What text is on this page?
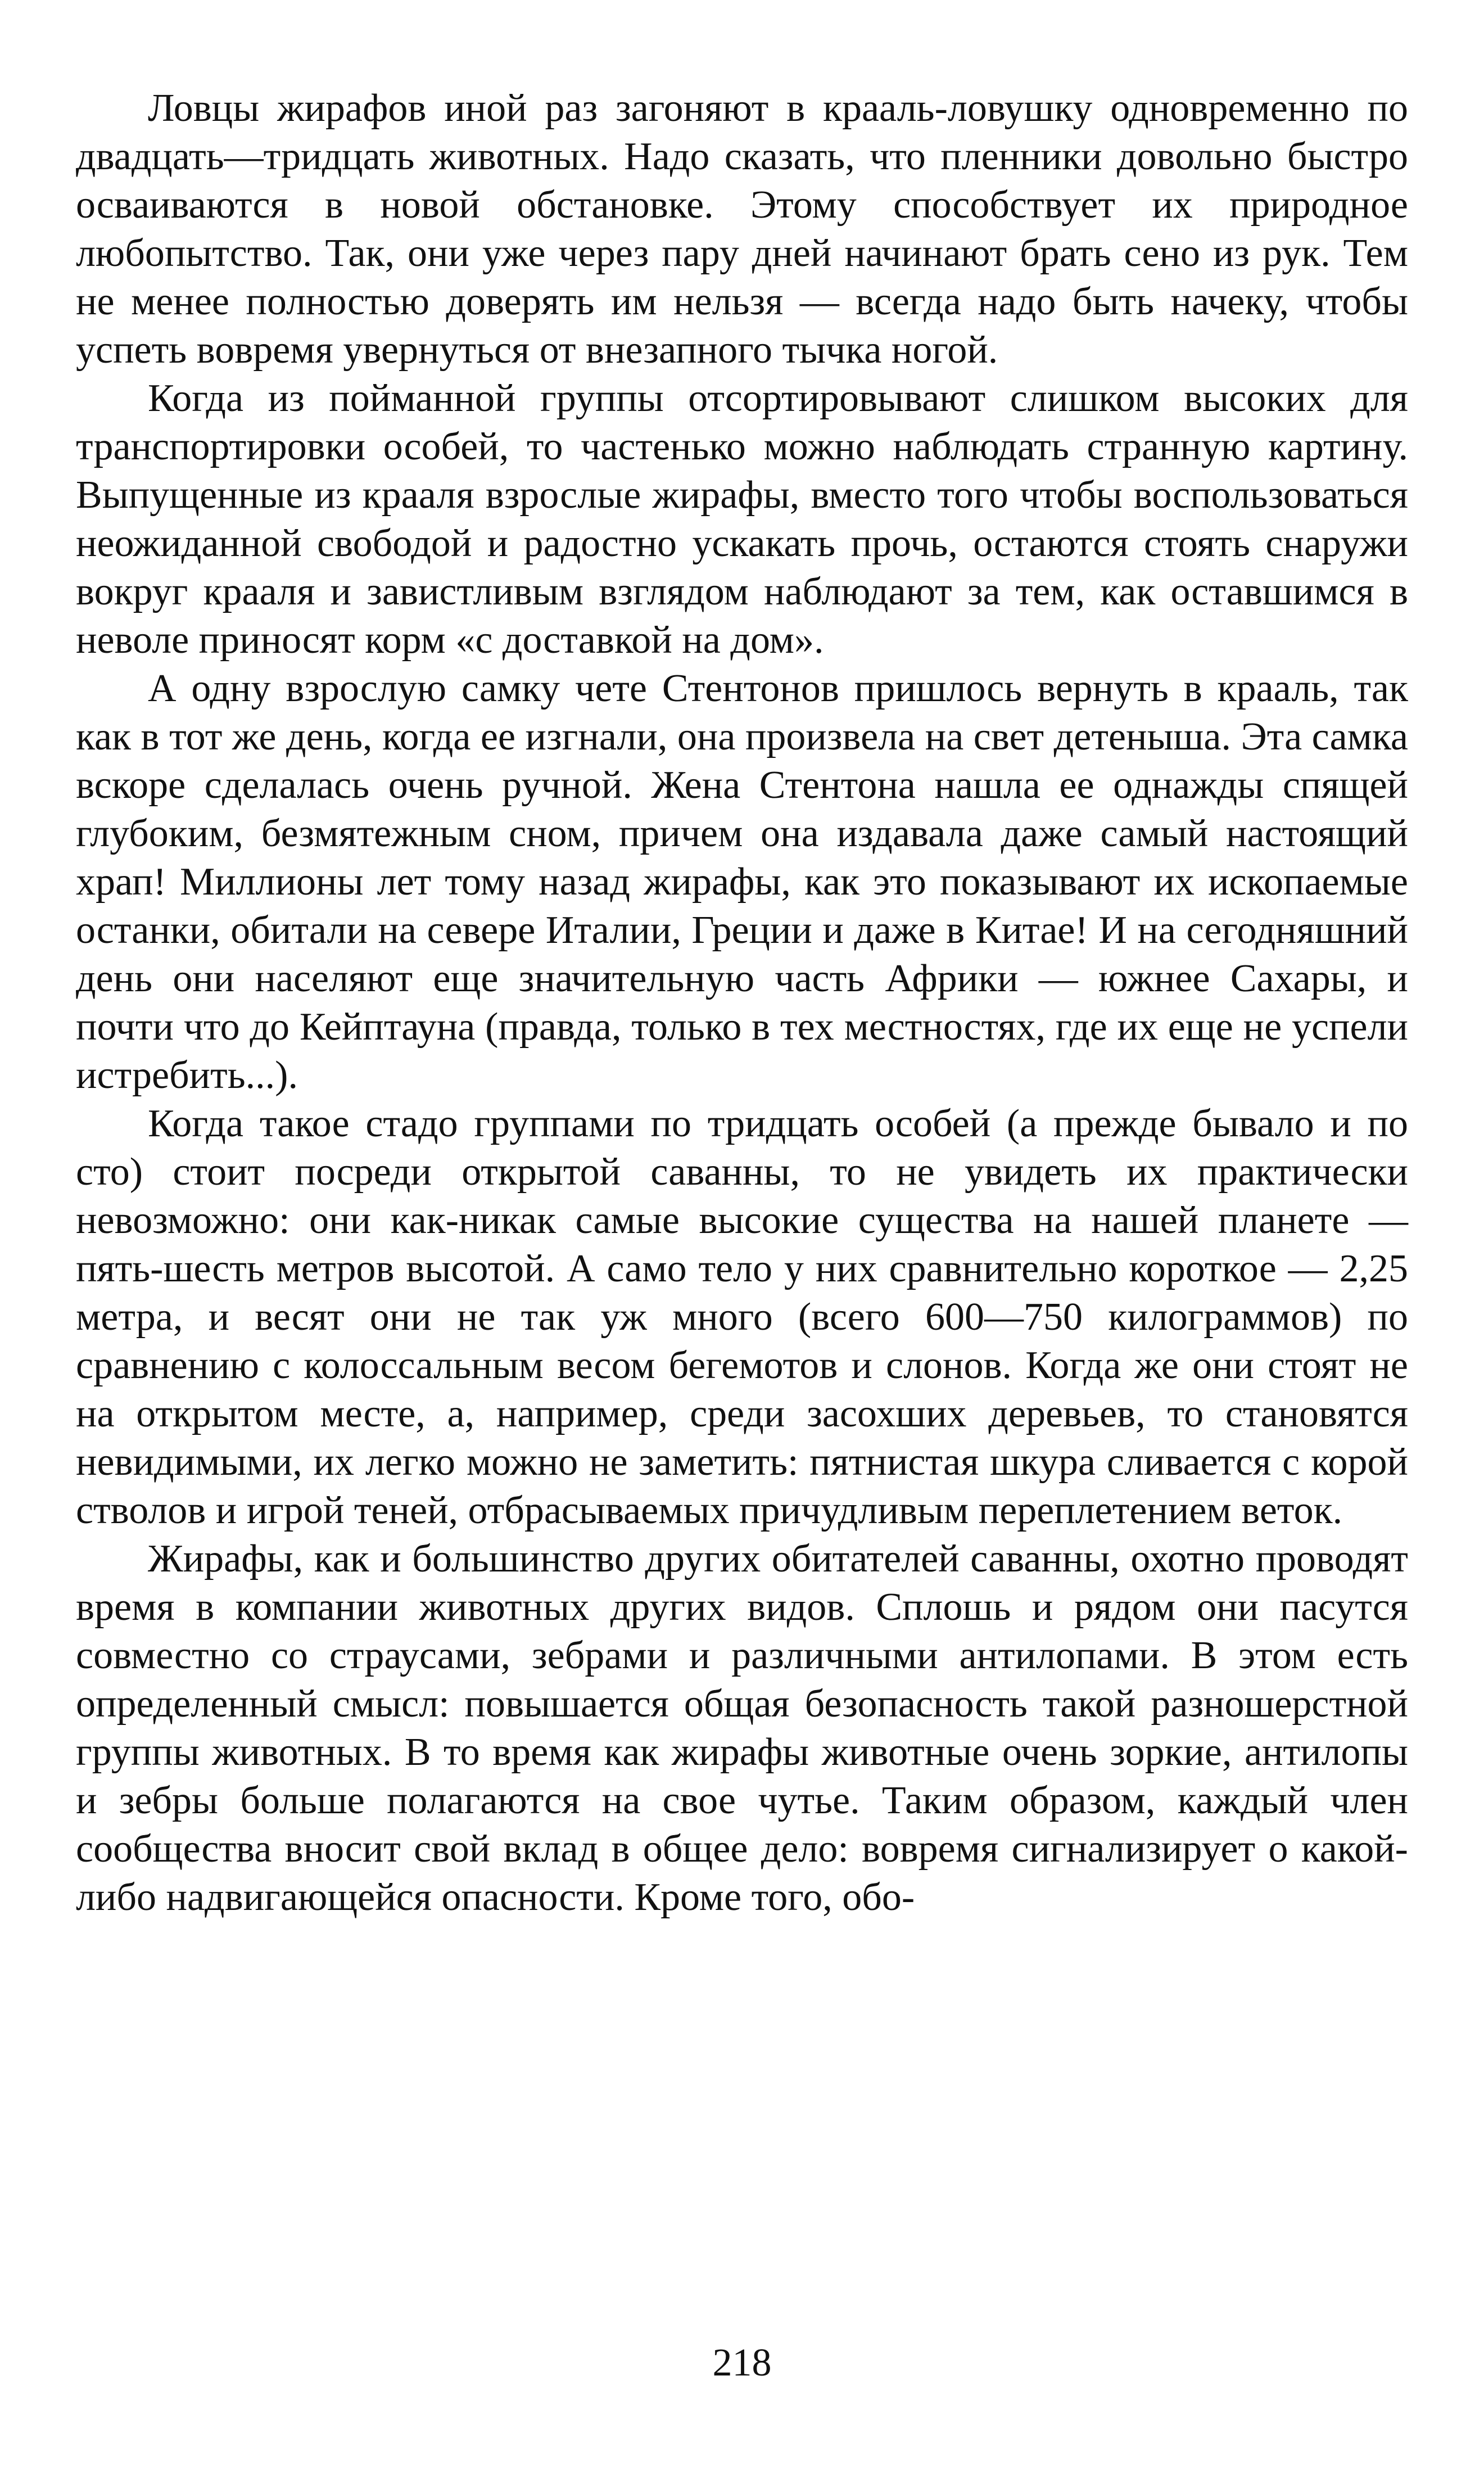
Ловцы жирафов иной раз загоняют в крааль-ловушку одновременно по двадцать—тридцать животных. Надо сказать, что пленники довольно быстро осваиваются в новой обстановке. Этому способствует их природное любопытство. Так, они уже через пару дней начинают брать сено из рук. Тем не менее полностью доверять им нельзя — всегда надо быть начеку, чтобы успеть вовремя увернуться от внезапного тычка ногой.

Когда из пойманной группы отсортировывают слишком высоких для транспортировки особей, то частенько можно наблюдать странную картину. Выпущенные из крааля взрослые жирафы, вместо того чтобы воспользоваться неожиданной свободой и радостно ускакать прочь, остаются стоять снаружи вокруг крааля и завистливым взглядом наблюдают за тем, как оставшимся в неволе приносят корм «с доставкой на дом».

А одну взрослую самку чете Стентонов пришлось вернуть в крааль, так как в тот же день, когда ее изгнали, она произвела на свет детеныша. Эта самка вскоре сделалась очень ручной. Жена Стентона нашла ее однажды спящей глубоким, безмятежным сном, причем она издавала даже самый настоящий храп! Миллионы лет тому назад жирафы, как это показывают их ископаемые останки, обитали на севере Италии, Греции и даже в Китае! И на сегодняшний день они населяют еще значительную часть Африки — южнее Сахары, и почти что до Кейптауна (правда, только в тех местностях, где их еще не успели истребить...).

Когда такое стадо группами по тридцать особей (а прежде бывало и по сто) стоит посреди открытой саванны, то не увидеть их практически невозможно: они как-никак самые высокие существа на нашей планете — пять-шесть метров высотой. А само тело у них сравнительно короткое — 2,25 метра, и весят они не так уж много (всего 600—750 килограммов) по сравнению с колоссальным весом бегемотов и слонов. Когда же они стоят не на открытом месте, а, например, среди засохших деревьев, то становятся невидимыми, их легко можно не заметить: пятнистая шкура сливается с корой стволов и игрой теней, отбрасываемых причудливым переплетением веток.

Жирафы, как и большинство других обитателей саванны, охотно проводят время в компании животных других видов. Сплошь и рядом они пасутся совместно со страусами, зебрами и различными антилопами. В этом есть определенный смысл: повышается общая безопасность такой разношерстной группы животных. В то время как жирафы животные очень зоркие, антилопы и зебры больше полагаются на свое чутье. Таким образом, каждый член сообщества вносит свой вклад в общее дело: вовремя сигнализирует о какой-либо надвигающейся опасности. Кроме того, обо-

218
